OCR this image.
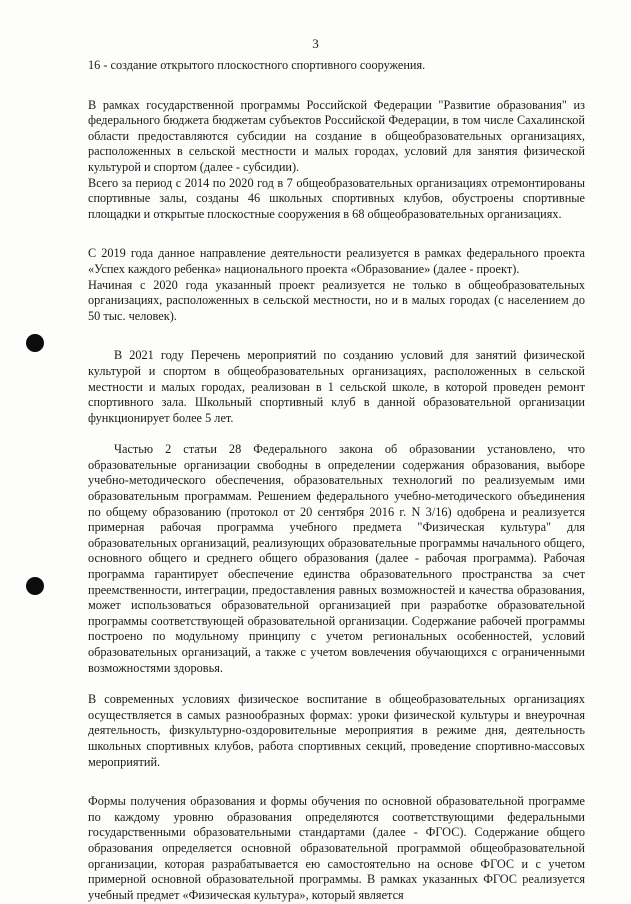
3

16 - создание открытого плоскостного спортивного сооружения.

В рамках государственной программы Российской Федерации "Развитие образования" из федерального бюджета бюджетам субъектов Российской Федерации, в том числе Сахалинской области предоставляются субсидии на создание в общеобразовательных организациях, расположенных в сельской местности и малых городах, условий для занятия физической культурой и спортом (далее - субсидии).

Всего за период с 2014 по 2020 год в 7 общеобразовательных организациях отремонтированы спортивные залы, созданы 46 школьных спортивных клубов, обустроены спортивные площадки и открытые плоскостные сооружения в 68 общеобразовательных организациях.

С 2019 года данное направление деятельности реализуется в рамках федерального проекта «Успех каждого ребенка» национального проекта «Образование» (далее - проект).

Начиная с 2020 года указанный проект реализуется не только в общеобразовательных организациях, расположенных в сельской местности, но и в малых городах (с населением до 50 тыс. человек).

В 2021 году Перечень мероприятий по созданию условий для занятий физической культурой и спортом в общеобразовательных организациях, расположенных в сельской местности и малых городах, реализован в 1 сельской школе, в которой проведен ремонт спортивного зала. Школьный спортивный клуб в данной образовательной организации функционирует более 5 лет.

Частью 2 статьи 28 Федерального закона об образовании установлено, что образовательные организации свободны в определении содержания образования, выборе учебно-методического обеспечения, образовательных технологий по реализуемым ими образовательным программам. Решением федерального учебно-методического объединения по общему образованию (протокол от 20 сентября 2016 г. N 3/16) одобрена и реализуется примерная рабочая программа учебного предмета "Физическая культура" для образовательных организаций, реализующих образовательные программы начального общего, основного общего и среднего общего образования (далее - рабочая программа). Рабочая программа гарантирует обеспечение единства образовательного пространства за счет преемственности, интеграции, предоставления равных возможностей и качества образования, может использоваться образовательной организацией при разработке образовательной программы соответствующей образовательной организации. Содержание рабочей программы построено по модульному принципу с учетом региональных особенностей, условий образовательных организаций, а также с учетом вовлечения обучающихся с ограниченными возможностями здоровья.

В современных условиях физическое воспитание в общеобразовательных организациях осуществляется в самых разнообразных формах: уроки физической культуры и внеурочная деятельность, физкультурно-оздоровительные мероприятия в режиме дня, деятельность школьных спортивных клубов, работа спортивных секций, проведение спортивно-массовых мероприятий.

Формы получения образования и формы обучения по основной образовательной программе по каждому уровню образования определяются соответствующими федеральными государственными образовательными стандартами (далее - ФГОС). Содержание общего образования определяется основной образовательной программой общеобразовательной организации, которая разрабатывается ею самостоятельно на основе ФГОС и с учетом примерной основной образовательной программы. В рамках указанных ФГОС реализуется учебный предмет «Физическая культура», который является
